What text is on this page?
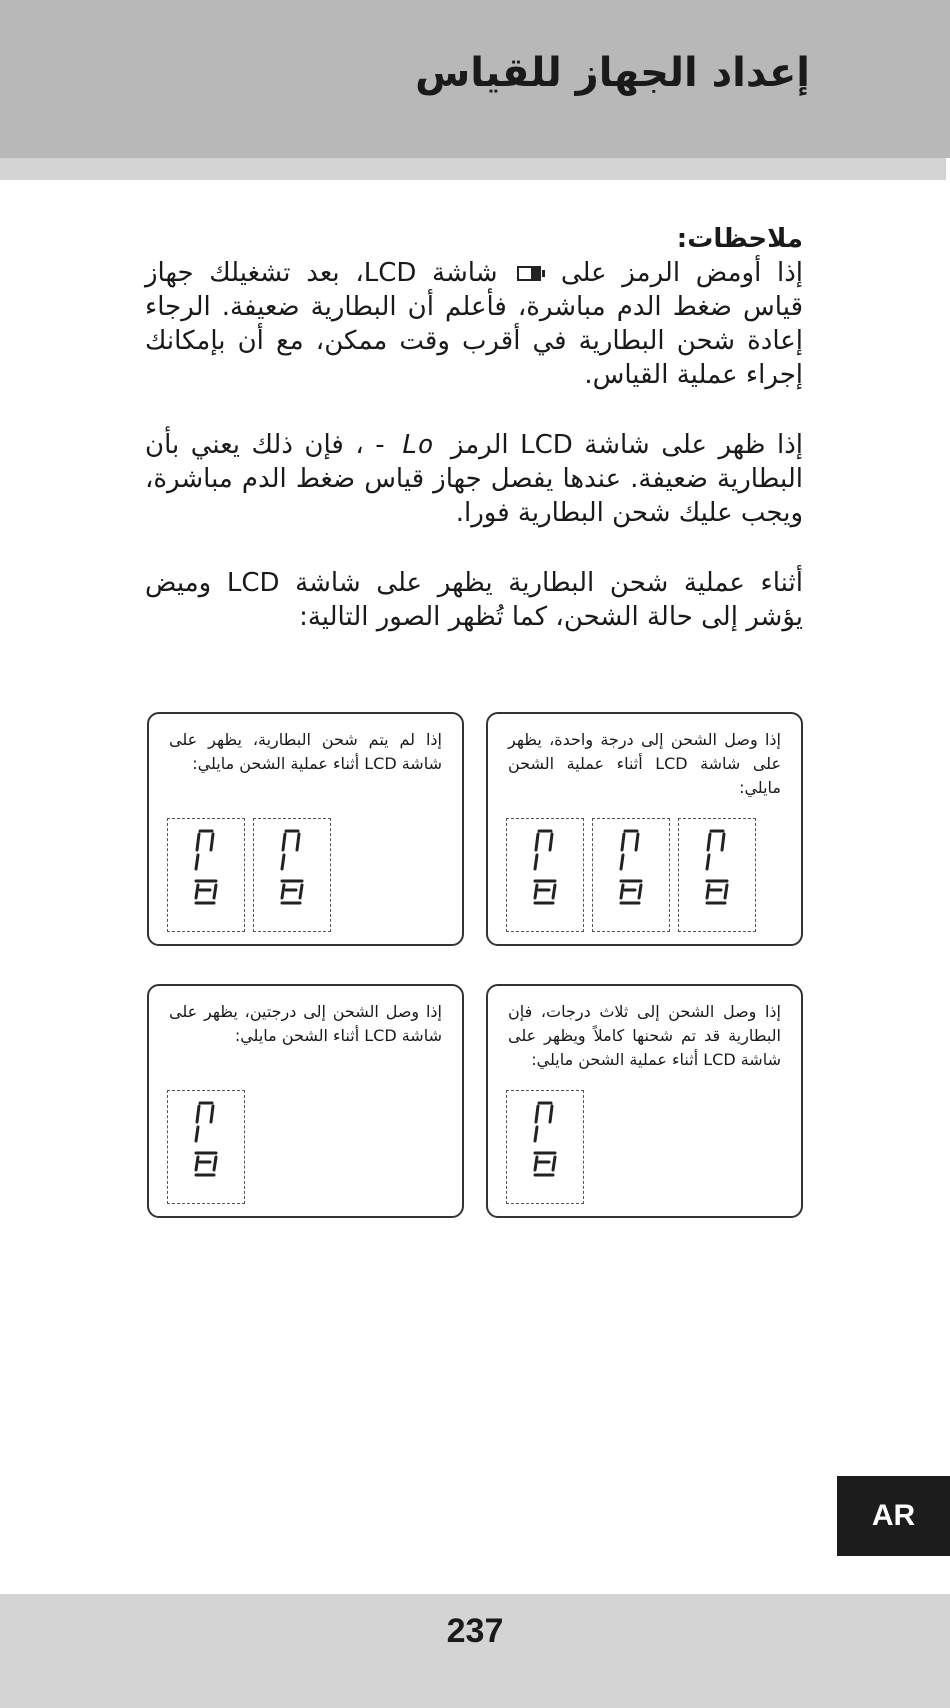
إعداد الجهاز للقياس
ملاحظات:
إذا أومض الرمز على  شاشة LCD، بعد تشغيلك جهاز قياس ضغط الدم مباشرة، فأعلم أن البطارية ضعيفة. الرجاء إعادة شحن البطارية في أقرب وقت ممكن، مع أن بإمكانك إجراء عملية القياس.
إذا ظهر على شاشة LCD الرمز Lo - ، فإن ذلك يعني بأن البطارية ضعيفة. عندها يفصل جهاز قياس ضغط الدم مباشرة، ويجب عليك شحن البطارية فورا.
أثناء عملية شحن البطارية يظهر على شاشة LCD وميض يؤشر إلى حالة الشحن، كما تُظهر الصور التالية:
إذا وصل الشحن إلى درجة واحدة، يظهر على شاشة LCD أثناء عملية الشحن مايلي:
إذا لم يتم شحن البطارية، يظهر على شاشة LCD أثناء عملية الشحن مايلي:
إذا وصل الشحن إلى ثلاث درجات، فإن البطارية قد تم شحنها كاملاً ويظهر على شاشة LCD أثناء عملية الشحن مايلي:
إذا وصل الشحن إلى درجتين، يظهر على شاشة LCD أثناء الشحن مايلي:
AR
237
